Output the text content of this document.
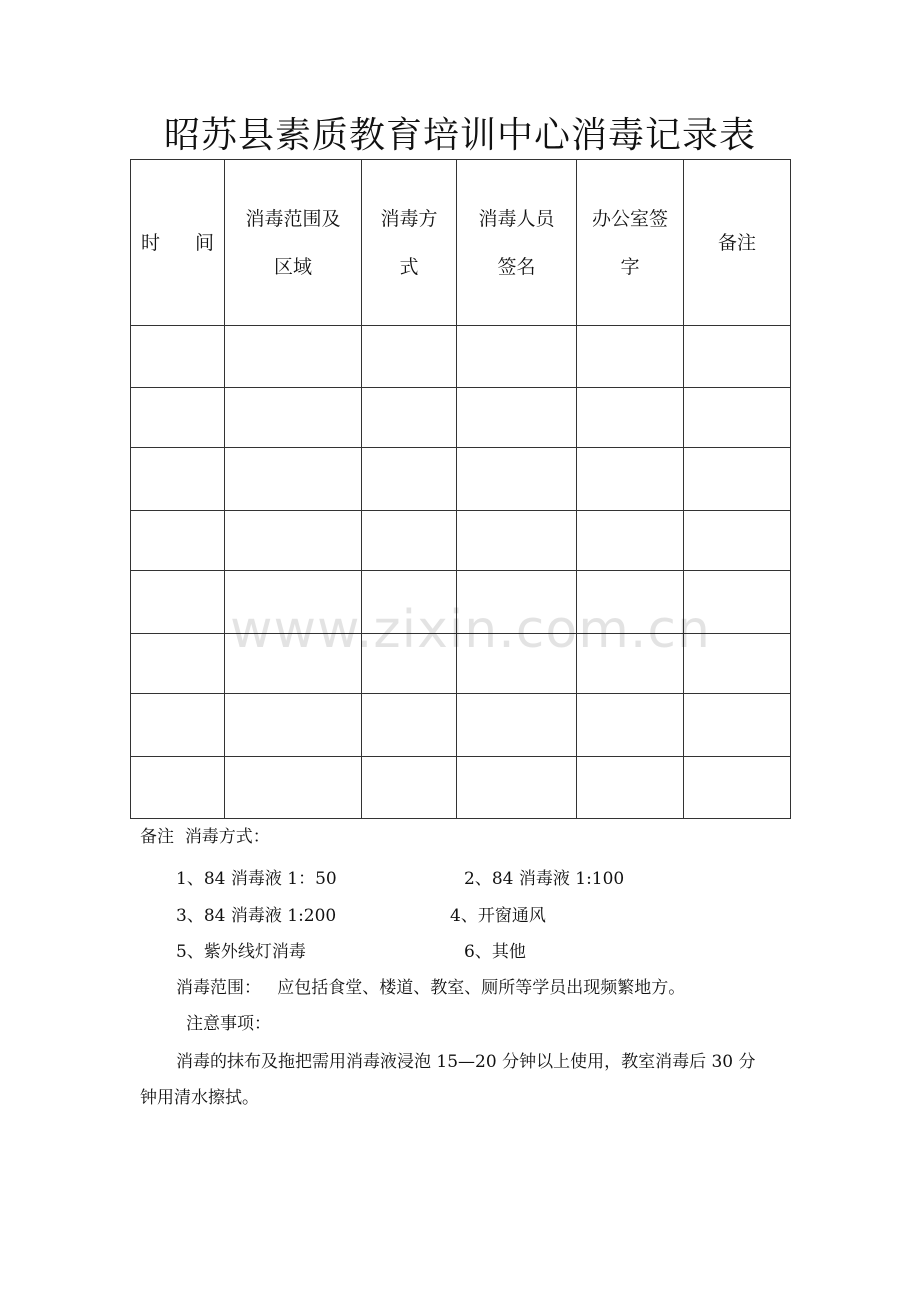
昭苏县素质教育培训中心消毒记录表
时 间	消毒范围及区域	消毒方式	消毒人员签名	办公室签字	备注

www.zixin.com.cn
备注 消毒方式：
1、84 消毒液 1：50	2、84 消毒液 1:100
3、84 消毒液 1:200	4、开窗通风
5、紫外线灯消毒	6、其他
消毒范围： 应包括食堂、楼道、教室、厕所等学员出现频繁地方。
注意事项：
消毒的抹布及拖把需用消毒液浸泡 15—20 分钟以上使用，教室消毒后 30 分
钟用清水擦拭。
